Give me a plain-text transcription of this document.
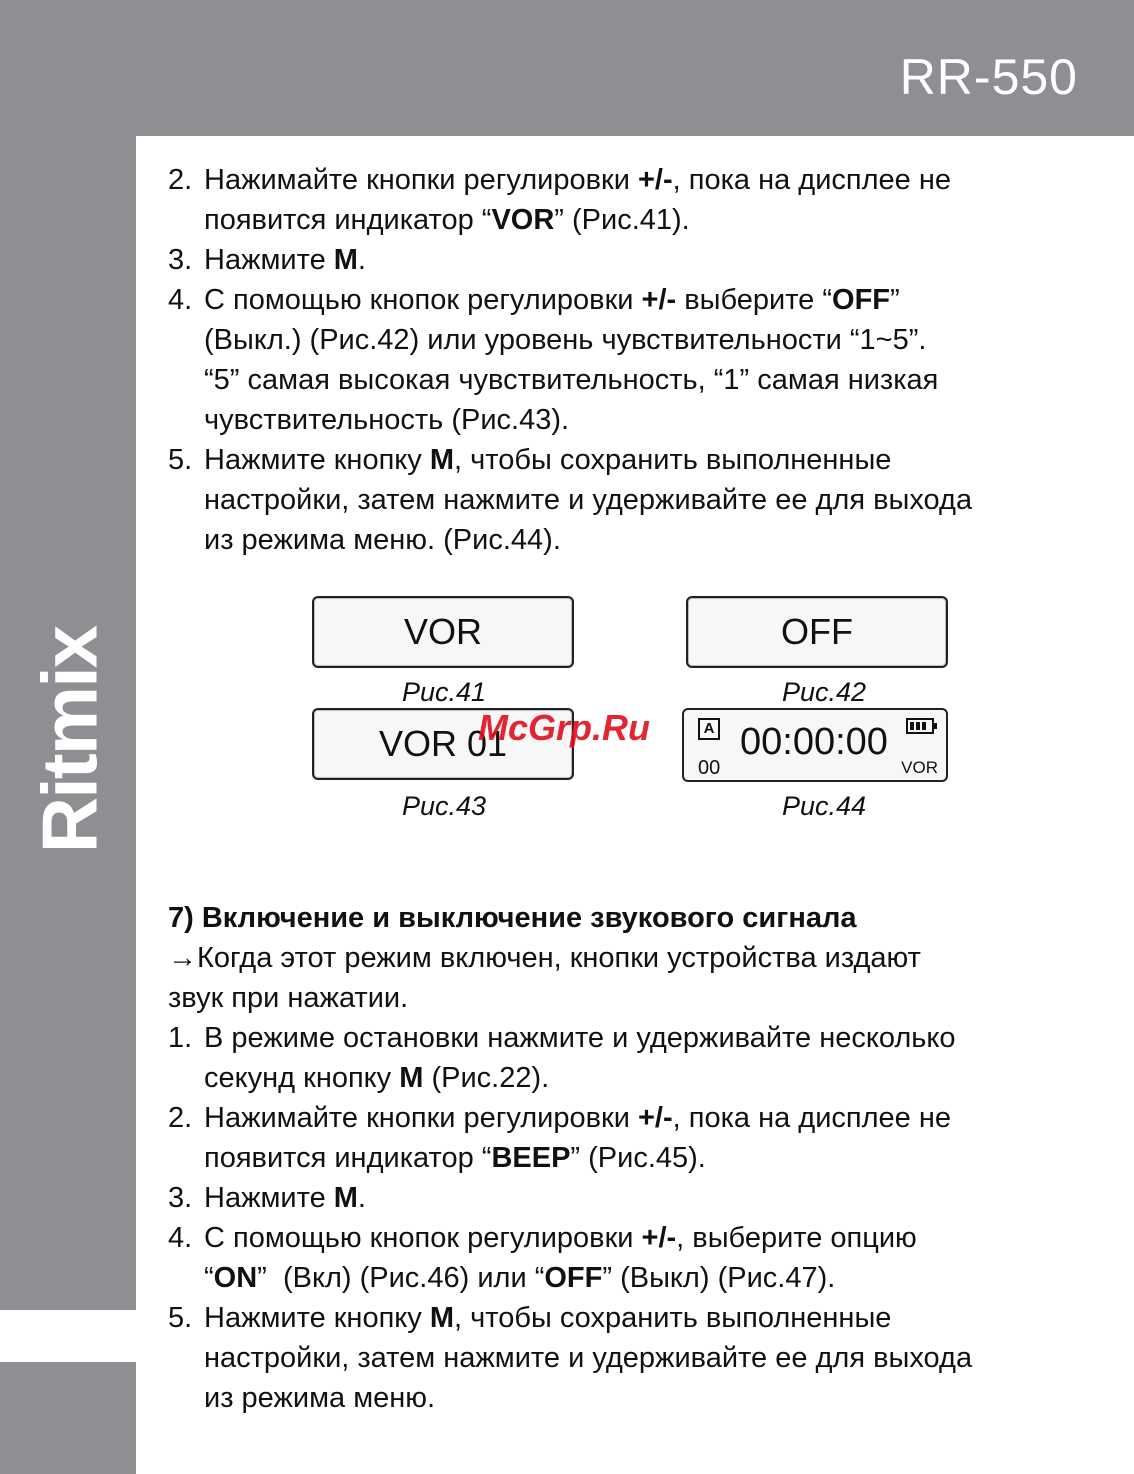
RR-550
Ritmix
2. Нажимайте кнопки регулировки +/-, пока на дисплее не
появится индикатор “VOR” (Рис.41).
3. Нажмите M.
4. С помощью кнопок регулировки +/- выберите “OFF”
(Выкл.) (Рис.42) или уровень чувствительности “1~5”.
“5” самая высокая чувствительность, “1” самая низкая
чувствительность (Рис.43).
5. Нажмите кнопку M, чтобы сохранить выполненные
настройки, затем нажмите и удерживайте ее для выхода
из режима меню. (Рис.44).
VOR
Рис.41
OFF
Рис.42
VOR 01
Рис.43
A
00
00:00:00
VOR
Рис.44
McGrp.Ru
7) Включение и выключение звукового сигнала
→Когда этот режим включен, кнопки устройства издают
звук при нажатии.
1. В режиме остановки нажмите и удерживайте несколько
секунд кнопку M (Рис.22).
2. Нажимайте кнопки регулировки +/-, пока на дисплее не
появится индикатор “BEEP” (Рис.45).
3. Нажмите M.
4. С помощью кнопок регулировки +/-, выберите опцию
“ON”  (Вкл) (Рис.46) или “OFF” (Выкл) (Рис.47).
5. Нажмите кнопку M, чтобы сохранить выполненные
настройки, затем нажмите и удерживайте ее для выхода
из режима меню.
